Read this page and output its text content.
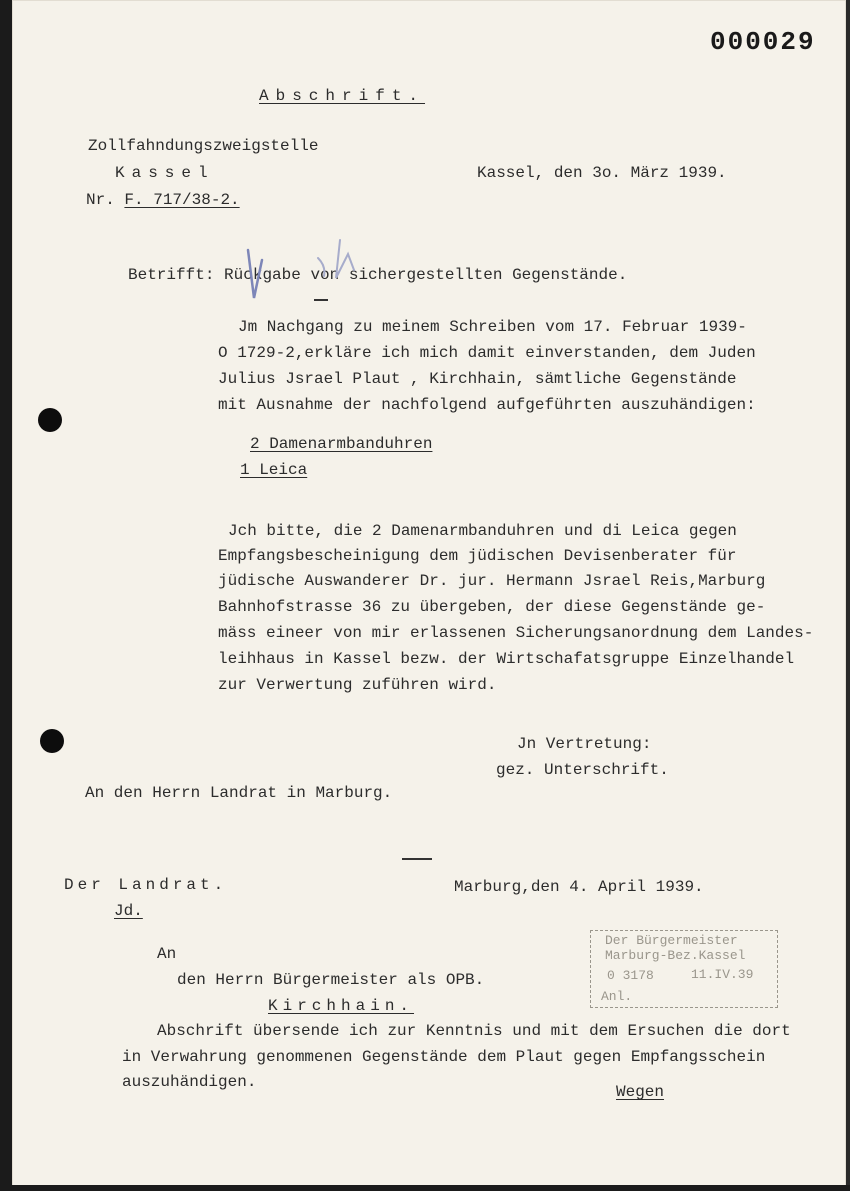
000029
Abschrift.
Zollfahndungszweigstelle
Kassel
Nr. F. 717/38-2.
Kassel, den 3o. März 1939.
Betrifft: Rückgabe von sichergestellten Gegenstände.
Jm Nachgang zu meinem Schreiben vom 17. Februar 1939-
O 1729-2,erkläre ich mich damit einverstanden, dem Juden
Julius Jsrael Plaut , Kirchhain, sämtliche Gegenstände
mit Ausnahme der nachfolgend aufgeführten auszuhändigen:
2 Damenarmbanduhren
1 Leica
Jch bitte, die 2 Damenarmbanduhren und di Leica gegen
Empfangsbescheinigung dem jüdischen Devisenberater für
jüdische Auswanderer Dr. jur. Hermann Jsrael Reis,Marburg
Bahnhofstrasse 36 zu übergeben, der diese Gegenstände ge-
mäss eineer von mir erlassenen Sicherungsanordnung dem Landes-
leihhaus in Kassel bezw. der Wirtschafatsgruppe Einzelhandel
zur Verwertung zuführen wird.
Jn Vertretung:
gez. Unterschrift.
An den Herrn Landrat in Marburg.
Der Landrat.
Jd.
Marburg,den 4. April 1939.
An
den Herrn Bürgermeister als OPB.
Kirchhain.
Abschrift übersende ich zur Kenntnis und mit dem Ersuchen die dort
in Verwahrung genommenen Gegenstände dem Plaut gegen Empfangsschein
auszuhändigen.
Wegen
Der Bürgermeister
Marburg-Bez.Kassel
0 3178	11.IV.39
Anl.
